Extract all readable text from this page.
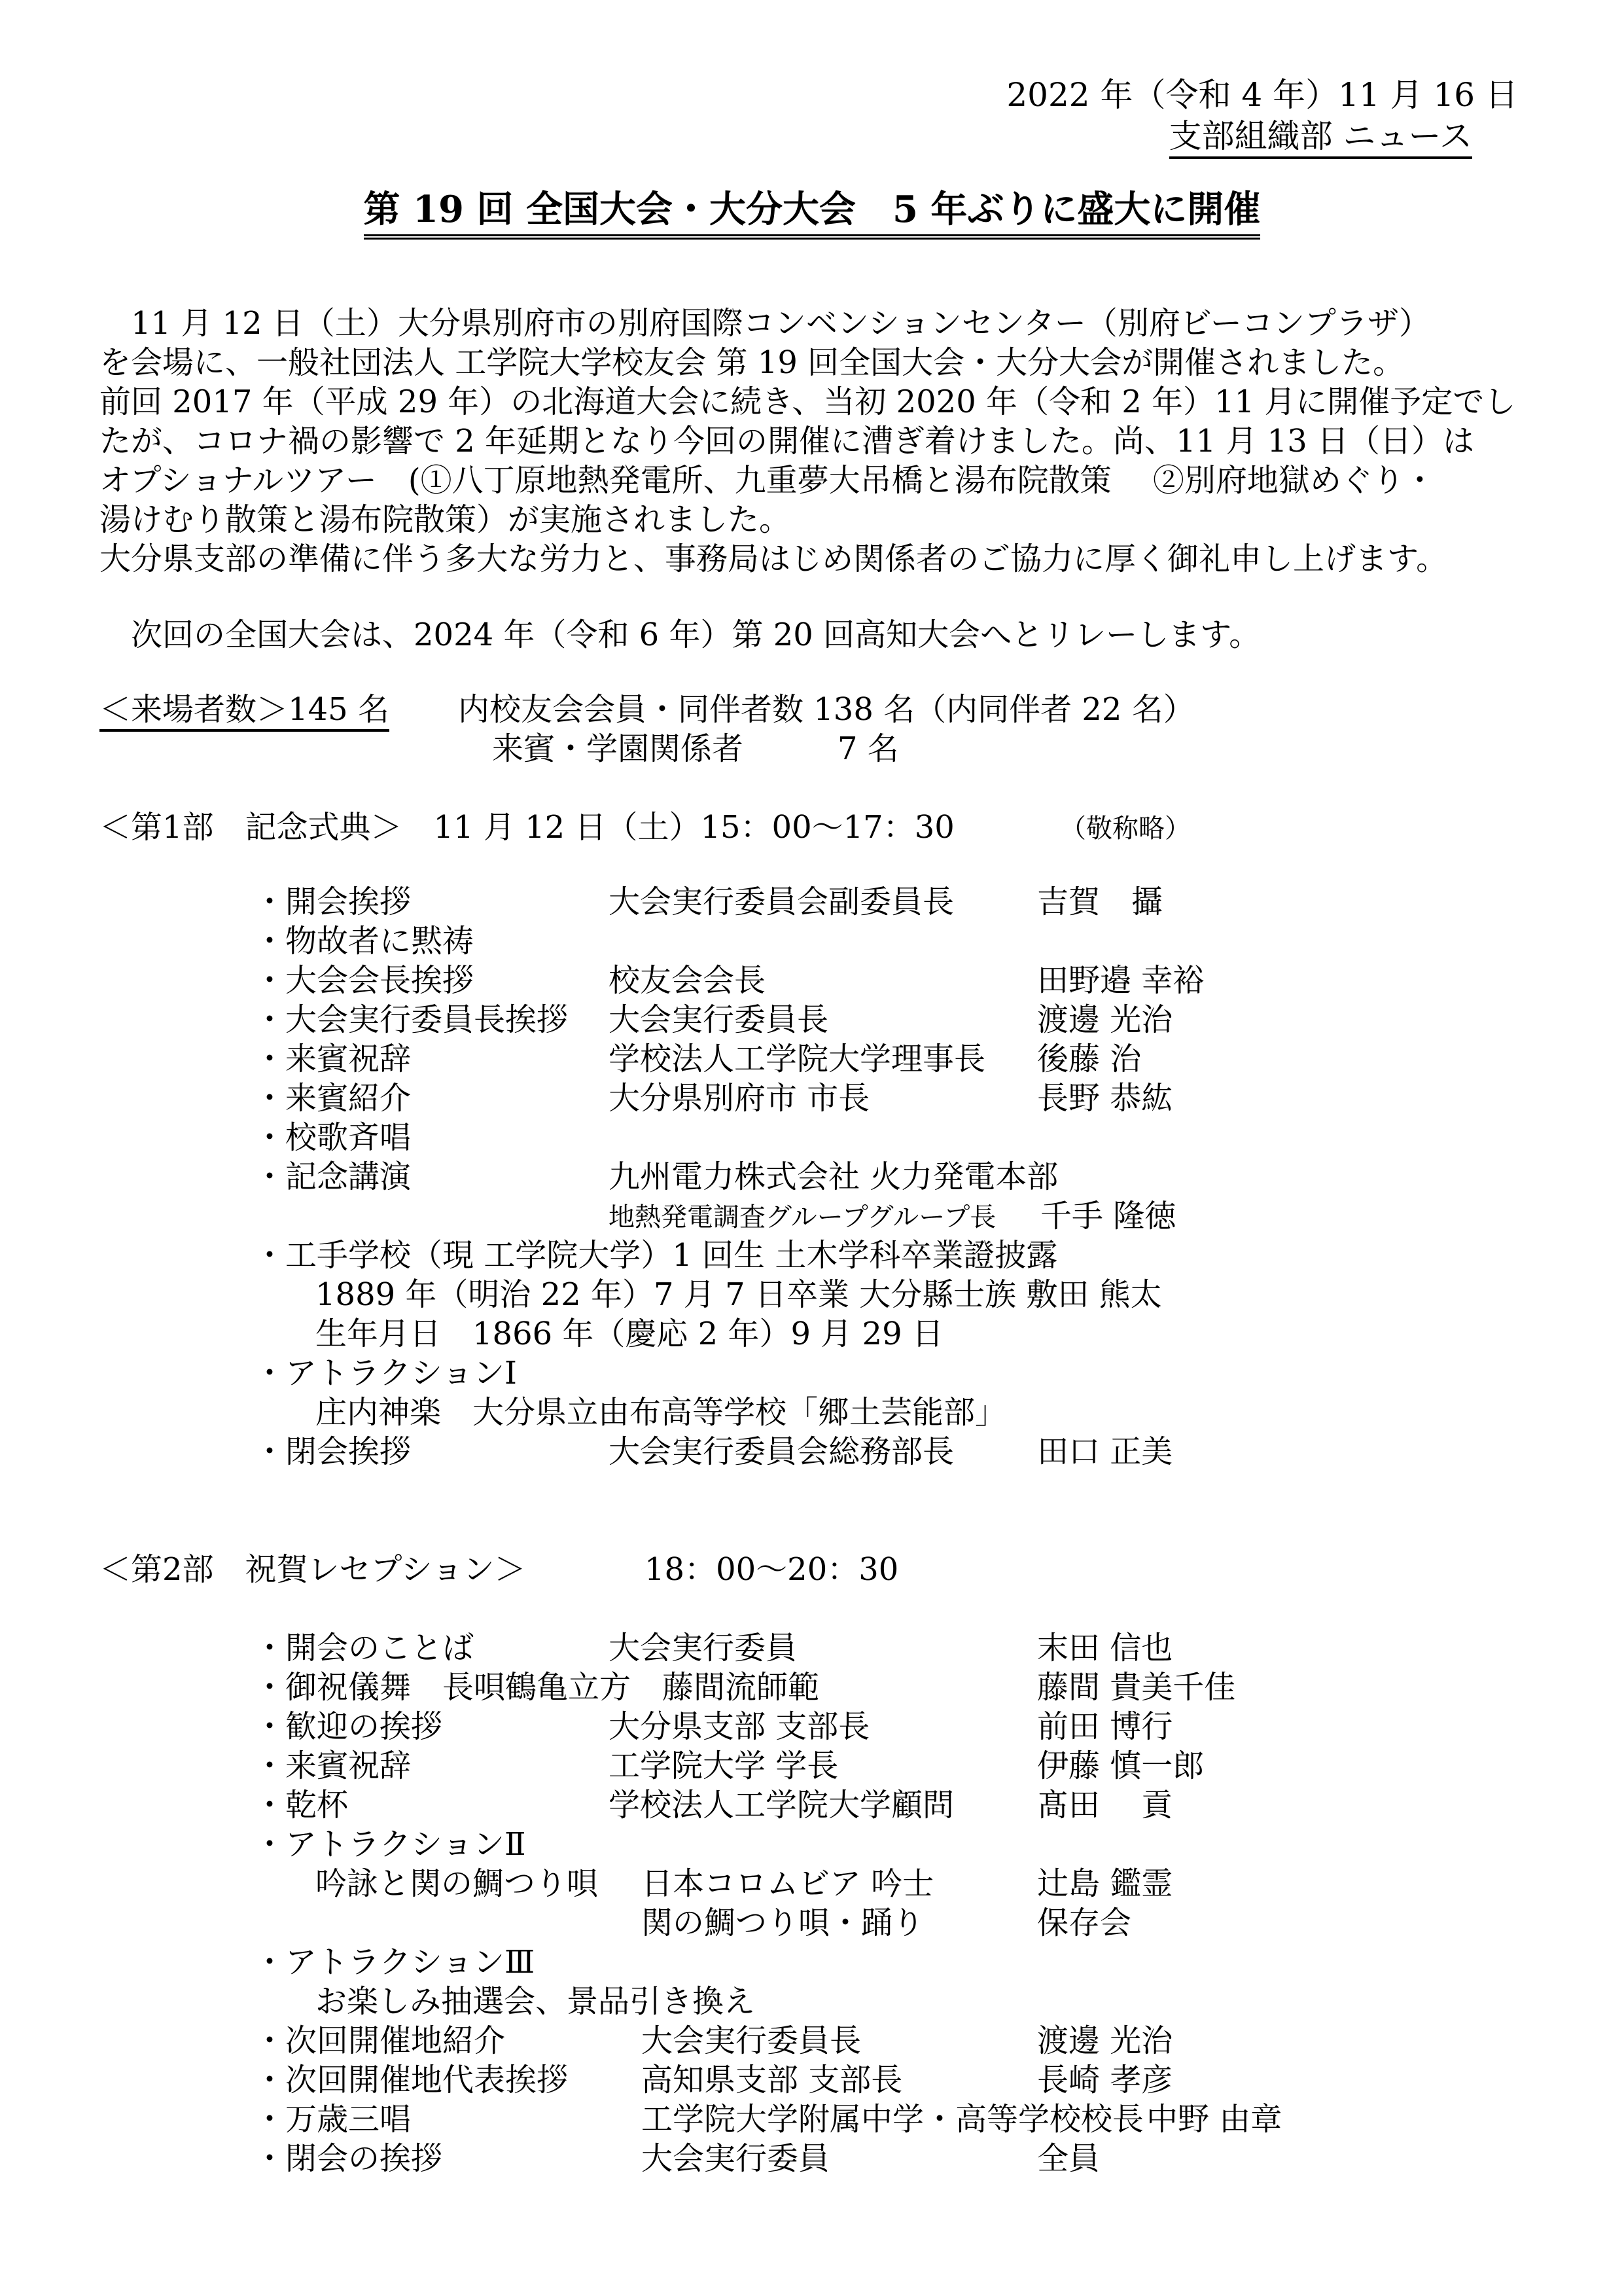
2022 年（令和 4 年）11 月 16 日
支部組織部 ニュース
第 19 回 全国大会・大分大会　5 年ぶりに盛大に開催
　11 月 12 日（土）大分県別府市の別府国際コンベンションセンター（別府ビーコンプラザ）
を会場に、一般社団法人 工学院大学校友会 第 19 回全国大会・大分大会が開催されました。
前回 2017 年（平成 29 年）の北海道大会に続き、当初 2020 年（令和 2 年）11 月に開催予定でし
たが、コロナ禍の影響で 2 年延期となり今回の開催に漕ぎ着けました。尚、11 月 13 日（日）は
オプショナルツアー　(①八丁原地熱発電所、九重夢大吊橋と湯布院散策　 ②別府地獄めぐり・
湯けむり散策と湯布院散策）が実施されました。
大分県支部の準備に伴う多大な労力と、事務局はじめ関係者のご協力に厚く御礼申し上げます。
　次回の全国大会は、2024 年（令和 6 年）第 20 回高知大会へとリレーします。
＜来場者数＞145 名 内校友会会員・同伴者数 138 名（内同伴者 22 名）
来賓・学園関係者　　　7 名
＜第1部　記念式典＞　11 月 12 日（土）15：00～17：30	（敬称略）
・開会挨拶	大会実行委員会副委員長	吉賀　攝
・物故者に黙祷
・大会会長挨拶	校友会会長	田野邉 幸裕
・大会実行委員長挨拶 大会実行委員長	渡邊 光治
・来賓祝辞	学校法人工学院大学理事長 後藤 治
・来賓紹介	大分県別府市 市長	長野 恭紘
・校歌斉唱
・記念講演	九州電力株式会社 火力発電本部
地熱発電調査グループグループ長 千手 隆徳
・工手学校（現 工学院大学）1 回生 土木学科卒業證披露
1889 年（明治 22 年）7 月 7 日卒業 大分縣士族 敷田 熊太
生年月日　1866 年（慶応 2 年）9 月 29 日
・アトラクションⅠ
庄内神楽　大分県立由布高等学校「郷土芸能部」
・閉会挨拶	大会実行委員会総務部長	田口 正美
＜第2部　祝賀レセプション＞	18：00～20：30
・開会のことば	大会実行委員	末田 信也
・御祝儀舞　長唄鶴亀立方　藤間流師範	藤間 貴美千佳
・歓迎の挨拶	大分県支部 支部長	前田 博行
・来賓祝辞	工学院大学 学長	伊藤 慎一郎
・乾杯	学校法人工学院大学顧問	髙田　 貢
・アトラクションⅡ
吟詠と関の鯛つり唄 日本コロムビア 吟士	辻島 鑑霊
関の鯛つり唄・踊り	保存会
・アトラクションⅢ
お楽しみ抽選会、景品引き換え
・次回開催地紹介	大会実行委員長	渡邊 光治
・次回開催地代表挨拶 高知県支部 支部長	長崎 孝彦
・万歳三唱	工学院大学附属中学・高等学校校長 中野 由章
・閉会の挨拶	大会実行委員	全員
